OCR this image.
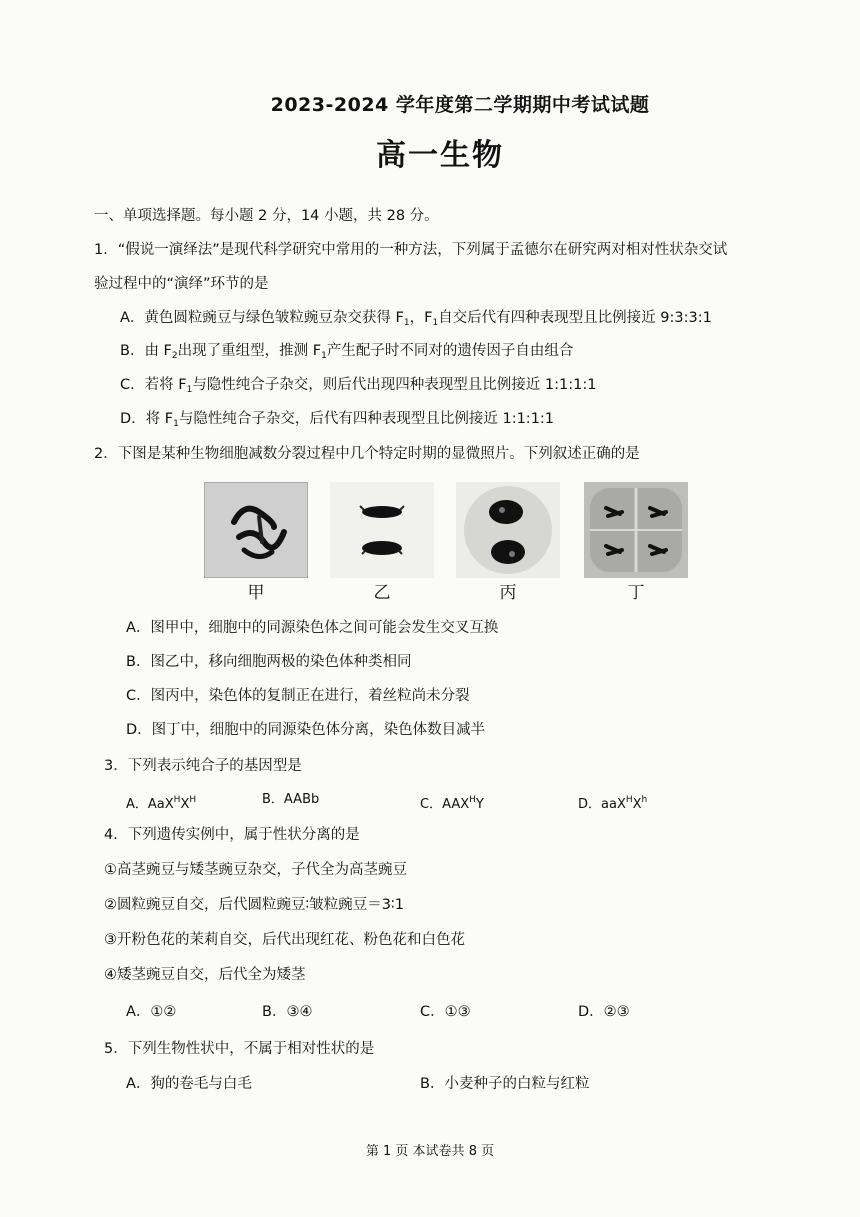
2023-2024 学年度第二学期期中考试试题
高一生物
一、单项选择题。每小题 2 分，14 小题，共 28 分。
1．“假说一演绎法”是现代科学研究中常用的一种方法，下列属于孟德尔在研究两对相对性状杂交试
验过程中的“演绎”环节的是
A．黄色圆粒豌豆与绿色皱粒豌豆杂交获得 $F_1$，$F_1$自交后代有四种表现型且比例接近 9:3:3:1
B．由 $F_2$出现了重组型，推测 $F_1$产生配子时不同对的遗传因子自由组合
C．若将 $F_1$与隐性纯合子杂交，则后代出现四种表现型且比例接近 1:1:1:1
D．将 $F_1$与隐性纯合子杂交，后代有四种表现型且比例接近 1:1:1:1
2．下图是某种生物细胞减数分裂过程中几个特定时期的显微照片。下列叙述正确的是
甲	乙	丙	丁
A．图甲中，细胞中的同源染色体之间可能会发生交叉互换
B．图乙中，移向细胞两极的染色体种类相同
C．图丙中，染色体的复制正在进行，着丝粒尚未分裂
D．图丁中，细胞中的同源染色体分离，染色体数目减半
3．下列表示纯合子的基因型是
A．$AaX^HX^H$	B．AABb	C．$AAX^HY$	D．$aaX^HX^h$
4．下列遗传实例中，属于性状分离的是
①高茎豌豆与矮茎豌豆杂交，子代全为高茎豌豆
②圆粒豌豆自交，后代圆粒豌豆∶皱粒豌豆＝3∶1
③开粉色花的茉莉自交，后代出现红花、粉色花和白色花
④矮茎豌豆自交，后代全为矮茎
A．①②	B．③④	C．①③	D．②③
5．下列生物性状中，不属于相对性状的是
A．狗的卷毛与白毛	B．小麦种子的白粒与红粒
第 1 页 本试卷共 8 页
